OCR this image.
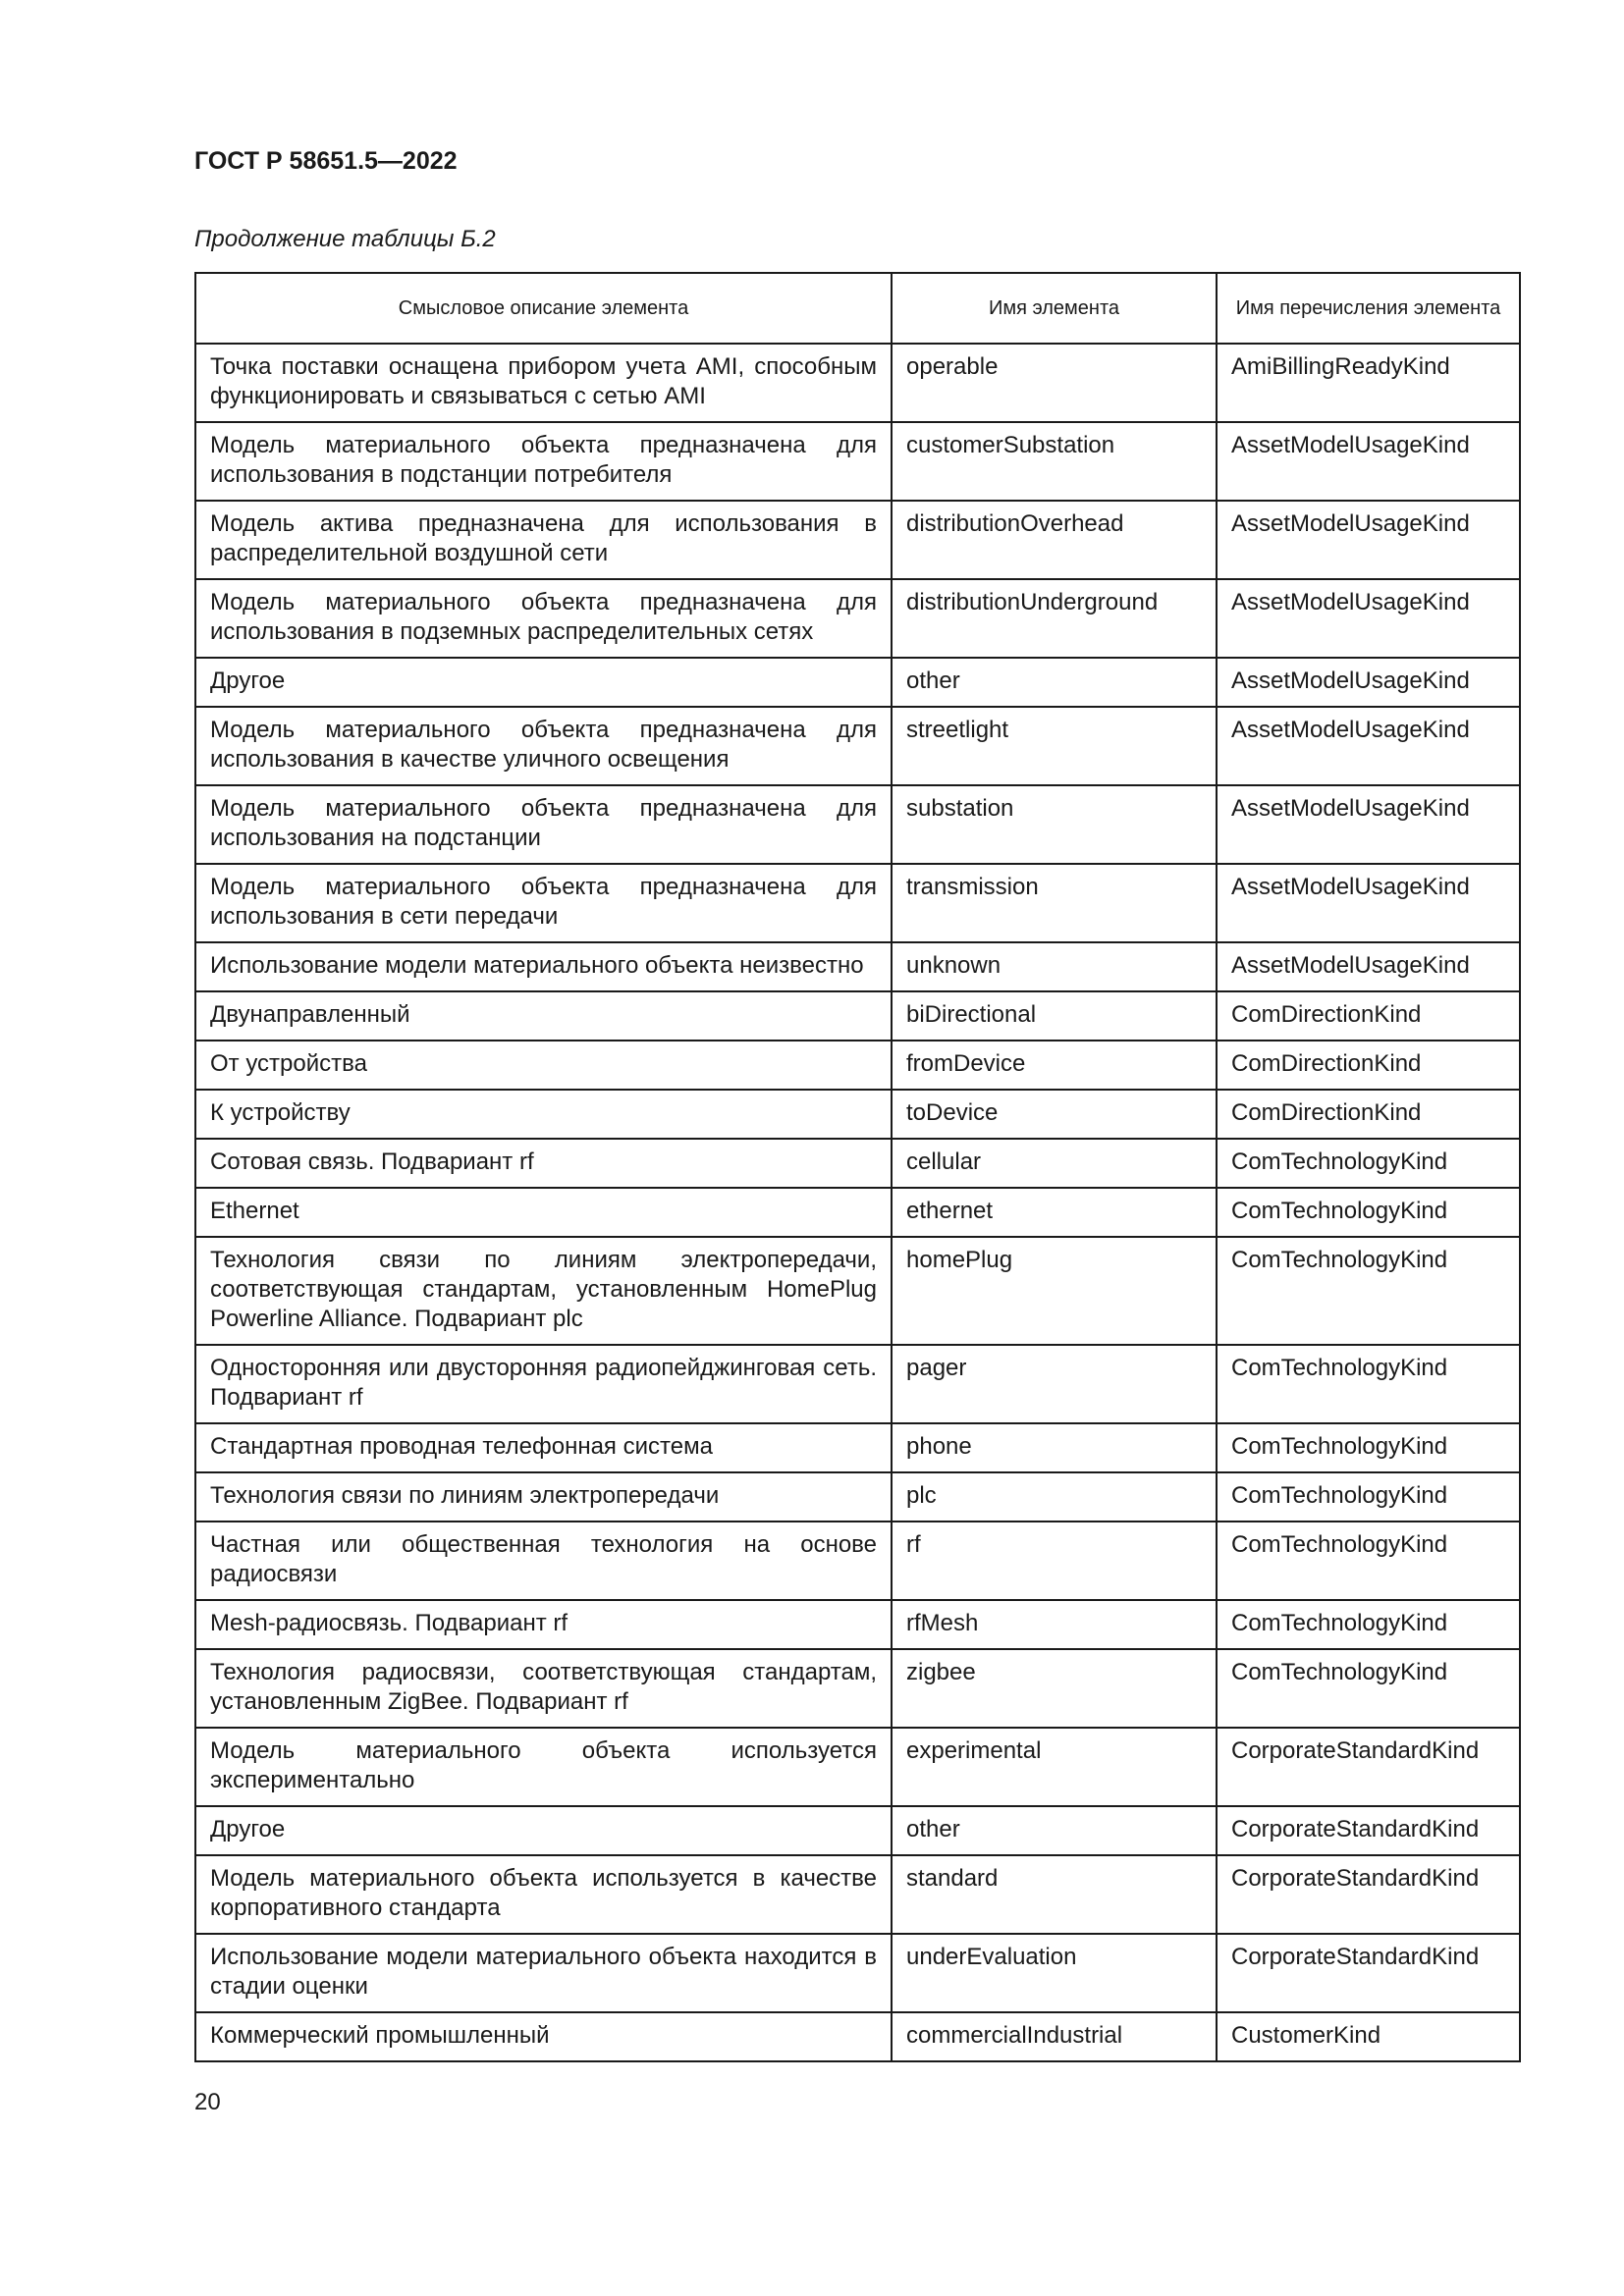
ГОСТ Р 58651.5—2022
Продолжение таблицы Б.2
Смысловое описание элемента	Имя элемента	Имя перечисления элемента
Точка поставки оснащена прибором учета AMI, способным функционировать и связываться с сетью AMI	operable	AmiBillingReadyKind
Модель материального объекта предназначена для использования в подстанции потребителя	customerSubstation	AssetModelUsageKind
Модель актива предназначена для использования в распределительной воздушной сети	distributionOverhead	AssetModelUsageKind
Модель материального объекта предназначена для использования в подземных распределительных сетях	distributionUnderground	AssetModelUsageKind
Другое	other	AssetModelUsageKind
Модель материального объекта предназначена для использования в качестве уличного освещения	streetlight	AssetModelUsageKind
Модель материального объекта предназначена для использования на подстанции	substation	AssetModelUsageKind
Модель материального объекта предназначена для использования в сети передачи	transmission	AssetModelUsageKind
Использование модели материального объекта неизвестно	unknown	AssetModelUsageKind
Двунаправленный	biDirectional	ComDirectionKind
От устройства	fromDevice	ComDirectionKind
К устройству	toDevice	ComDirectionKind
Сотовая связь. Подвариант rf	cellular	ComTechnologyKind
Ethernet	ethernet	ComTechnologyKind
Технология связи по линиям электропередачи, соответствующая стандартам, установленным HomePlug Powerline Alliance. Подвариант plc	homePlug	ComTechnologyKind
Односторонняя или двусторонняя радиопейджинговая сеть. Подвариант rf	pager	ComTechnologyKind
Стандартная проводная телефонная система	phone	ComTechnologyKind
Технология связи по линиям электропередачи	plc	ComTechnologyKind
Частная или общественная технология на основе радиосвязи	rf	ComTechnologyKind
Mesh-радиосвязь. Подвариант rf	rfMesh	ComTechnologyKind
Технология радиосвязи, соответствующая стандартам, установленным ZigBee. Подвариант rf	zigbee	ComTechnologyKind
Модель материального объекта используется экспериментально	experimental	CorporateStandardKind
Другое	other	CorporateStandardKind
Модель материального объекта используется в качестве корпоративного стандарта	standard	CorporateStandardKind
Использование модели материального объекта находится в стадии оценки	underEvaluation	CorporateStandardKind
Коммерческий промышленный	commercialIndustrial	CustomerKind
20
